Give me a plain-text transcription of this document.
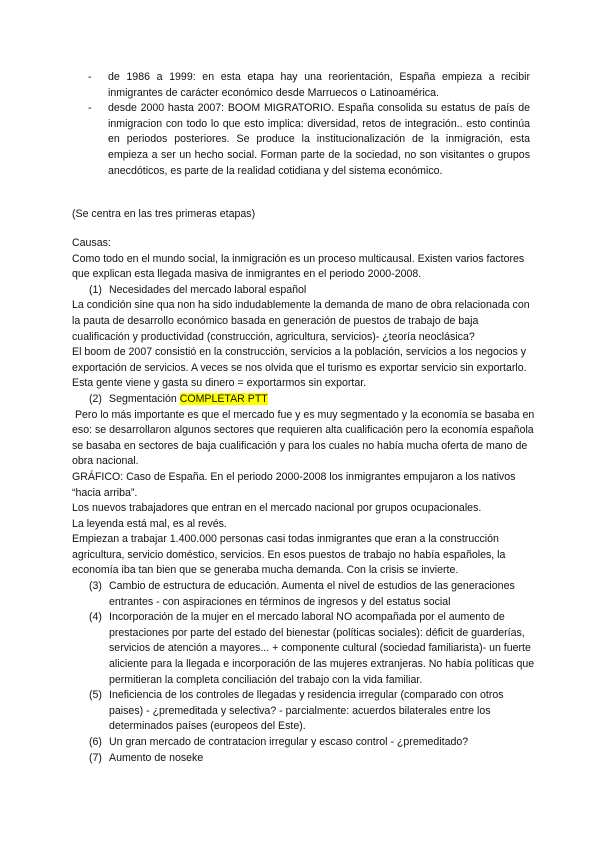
- de 1986 a 1999: en esta etapa hay una reorientación, España empieza a recibir inmigrantes de carácter económico desde Marruecos o Latinoamérica.

- desde 2000 hasta 2007: BOOM MIGRATORIO. España consolida su estatus de país de inmigracion con todo lo que esto implica: diversidad, retos de integración.. esto continúa en periodos posteriores. Se produce la institucionalización de la inmigración, esta empieza a ser un hecho social. Forman parte de la sociedad, no son visitantes o grupos anecdóticos, es parte de la realidad cotidiana y del sistema económico.

(Se centra en las tres primeras etapas)

Causas:

Como todo en el mundo social, la inmigración es un proceso multicausal. Existen varios factores que explican esta llegada masiva de inmigrantes en el periodo 2000-2008.

(1) Necesidades del mercado laboral español

La condición sine qua non ha sido indudablemente la demanda de mano de obra relacionada con la pauta de desarrollo económico basada en generación de puestos de trabajo de baja cualificación y productividad (construcción, agricultura, servicios)- ¿teoría neoclásica?

El boom de 2007 consistió en la construcción, servicios a la población, servicios a los negocios y exportación de servicios. A veces se nos olvida que el turismo es exportar servicio sin exportarlo. Esta gente viene y gasta su dinero = exportarmos sin exportar.

(2) Segmentación COMPLETAR PTT

Pero lo más importante es que el mercado fue y es muy segmentado y la economía se basaba en eso: se desarrollaron algunos sectores que requieren alta cualificación pero la economía española se basaba en sectores de baja cualificación y para los cuales no había mucha oferta de mano de obra nacional.

GRÁFICO: Caso de España. En el periodo 2000-2008 los inmigrantes empujaron a los nativos “hacia arriba”.

Los nuevos trabajadores que entran en el mercado nacional por grupos ocupacionales.

La leyenda está mal, es al revés.

Empiezan a trabajar 1.400.000 personas casi todas inmigrantes que eran a la construcción agricultura, servicio doméstico, servicios. En esos puestos de trabajo no había españoles, la economía iba tan bien que se generaba mucha demanda. Con la crisis se invierte.

(3) Cambio de estructura de educación. Aumenta el nivel de estudios de las generaciones entrantes - con aspiraciones en términos de ingresos y del estatus social

(4) Incorporación de la mujer en el mercado laboral NO acompañada por el aumento de prestaciones por parte del estado del bienestar (políticas sociales): déficit de guarderías, servicios de atención a mayores... + componente cultural (sociedad familiarista)- un fuerte aliciente para la llegada e incorporación de las mujeres extranjeras. No había políticas que permitieran la completa conciliación del trabajo con la vida familiar.

(5) Ineficiencia de los controles de llegadas y residencia irregular (comparado con otros paises) - ¿premeditada y selectiva? - parcialmente: acuerdos bilaterales entre los determinados países (europeos del Este).

(6) Un gran mercado de contratacion irregular y escaso control - ¿premeditado?

(7) Aumento de noseke
